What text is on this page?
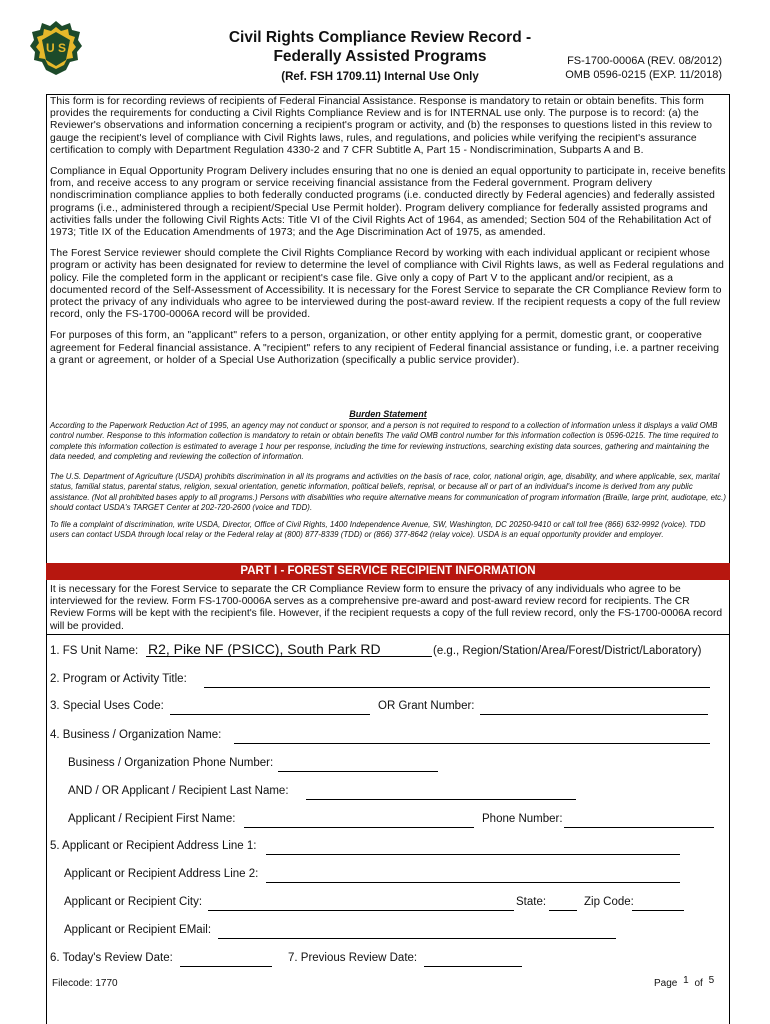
U S
Civil Rights Compliance Review Record -
Federally Assisted Programs
(Ref. FSH 1709.11) Internal Use Only
FS-1700-0006A (REV. 08/2012)
OMB 0596-0215 (EXP. 11/2018)

This form is for recording reviews of recipients of Federal Financial Assistance. Response is mandatory to retain or obtain benefits. This form provides the requirements for conducting a Civil Rights Compliance Review and is for INTERNAL use only. The purpose is to record: (a) the Reviewer's observations and information concerning a recipient's program or activity, and (b) the responses to questions listed in this review to gauge the recipient's level of compliance with Civil Rights laws, rules, and regulations, and policies while verifying the recipient's assurance certification to comply with Department Regulation 4330-2 and 7 CFR Subtitle A, Part 15 - Nondiscrimination, Subparts A and B.

Compliance in Equal Opportunity Program Delivery includes ensuring that no one is denied an equal opportunity to participate in, receive benefits from, and receive access to any program or service receiving financial assistance from the Federal government. Program delivery nondiscrimination compliance applies to both federally conducted programs (i.e. conducted directly by Federal agencies) and federally assisted programs (i.e., administered through a recipient/Special Use Permit holder). Program delivery compliance for federally assisted programs and activities falls under the following Civil Rights Acts: Title VI of the Civil Rights Act of 1964, as amended; Section 504 of the Rehabilitation Act of 1973; Title IX of the Education Amendments of 1973; and the Age Discrimination Act of 1975, as amended.

The Forest Service reviewer should complete the Civil Rights Compliance Record by working with each individual applicant or recipient whose program or activity has been designated for review to determine the level of compliance with Civil Rights laws, as well as Federal regulations and policy. File the completed form in the applicant or recipient's case file. Give only a copy of Part V to the applicant and/or recipient, as a documented record of the Self-Assessment of Accessibility. It is necessary for the Forest Service to separate the CR Compliance Review form to protect the privacy of any individuals who agree to be interviewed during the post-award review. If the recipient requests a copy of the full review record, only the FS-1700-0006A record will be provided.

For purposes of this form, an "applicant" refers to a person, organization, or other entity applying for a permit, domestic grant, or cooperative agreement for Federal financial assistance. A "recipient" refers to any recipient of Federal financial assistance or funding, i.e. a partner receiving a grant or agreement, or holder of a Special Use Authorization (specifically a public service provider).

Burden Statement
According to the Paperwork Reduction Act of 1995, an agency may not conduct or sponsor, and a person is not required to respond to a collection of information unless it displays a valid OMB control number. Response to this information collection is mandatory to retain or obtain benefits The valid OMB control number for this information collection is 0596-0215. The time required to complete this information collection is estimated to average 1 hour per response, including the time for reviewing instructions, searching existing data sources, gathering and maintaining the data needed, and completing and reviewing the collection of information.
The U.S. Department of Agriculture (USDA) prohibits discrimination in all its programs and activities on the basis of race, color, national origin, age, disability, and where applicable, sex, marital status, familial status, parental status, religion, sexual orientation, genetic information, political beliefs, reprisal, or because all or part of an individual's income is derived from any public assistance. (Not all prohibited bases apply to all programs.) Persons with disabilities who require alternative means for communication of program information (Braille, large print, audiotape, etc.) should contact USDA's TARGET Center at 202-720-2600 (voice and TDD).
To file a complaint of discrimination, write USDA, Director, Office of Civil Rights, 1400 Independence Avenue, SW, Washington, DC 20250-9410 or call toll free (866) 632-9992 (voice). TDD users can contact USDA through local relay or the Federal relay at (800) 877-8339 (TDD) or (866) 377-8642 (relay voice). USDA is an equal opportunity provider and employer.
PART I - FOREST SERVICE RECIPIENT INFORMATION
It is necessary for the Forest Service to separate the CR Compliance Review form to ensure the privacy of any individuals who agree to be interviewed for the review. Form FS-1700-0006A serves as a comprehensive pre-award and post-award review record for recipients. The CR Review Forms will be kept with the recipient's file. However, if the recipient requests a copy of the full review record, only the FS-1700-0006A record will be provided.
1. FS Unit Name: R2, Pike NF (PSICC), South Park RD	(e.g., Region/Station/Area/Forest/District/Laboratory)
2. Program or Activity Title:
3. Special Uses Code:	OR Grant Number:
4. Business / Organization Name:
Business / Organization Phone Number:
AND / OR Applicant / Recipient Last Name:
Applicant / Recipient First Name:	Phone Number:
5. Applicant or Recipient Address Line 1:
Applicant or Recipient Address Line 2:
Applicant or Recipient City:	State:	Zip Code:
Applicant or Recipient EMail:
6. Today's Review Date:	7. Previous Review Date:
Filecode: 1770	Page 1 of 5
